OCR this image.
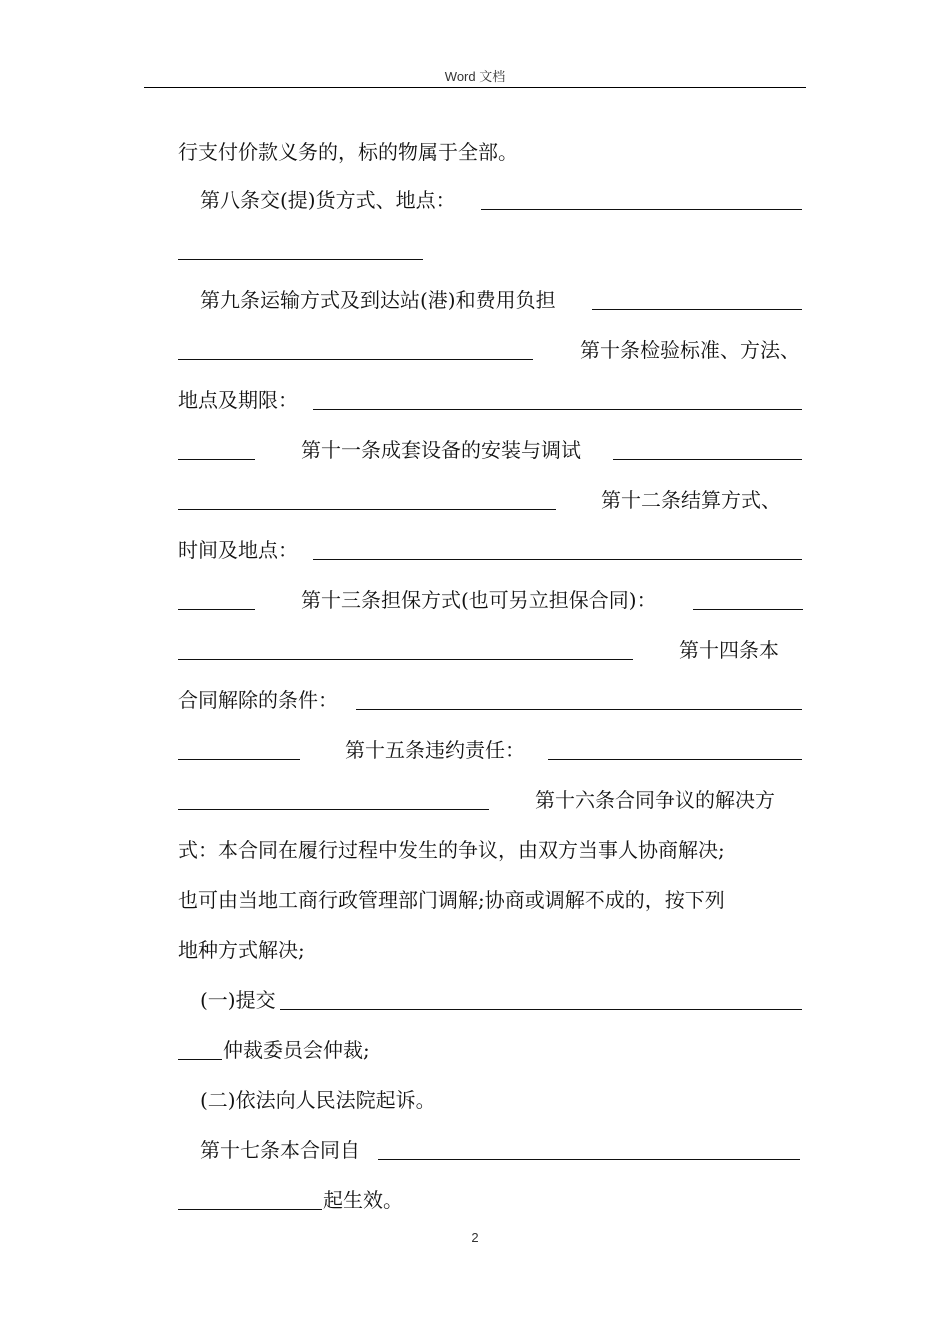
Word 文档
行支付价款义务的，标的物属于全部。
第八条交(提)货方式、地点：
第九条运输方式及到达站(港)和费用负担
第十条检验标准、方法、
地点及期限：
第十一条成套设备的安装与调试
第十二条结算方式、
时间及地点：
第十三条担保方式(也可另立担保合同)：
第十四条本
合同解除的条件：
第十五条违约责任：
第十六条合同争议的解决方
式：本合同在履行过程中发生的争议，由双方当事人协商解决;
也可由当地工商行政管理部门调解;协商或调解不成的，按下列
地种方式解决;
(一)提交
仲裁委员会仲裁;
(二)依法向人民法院起诉。
第十七条本合同自
起生效。
2
